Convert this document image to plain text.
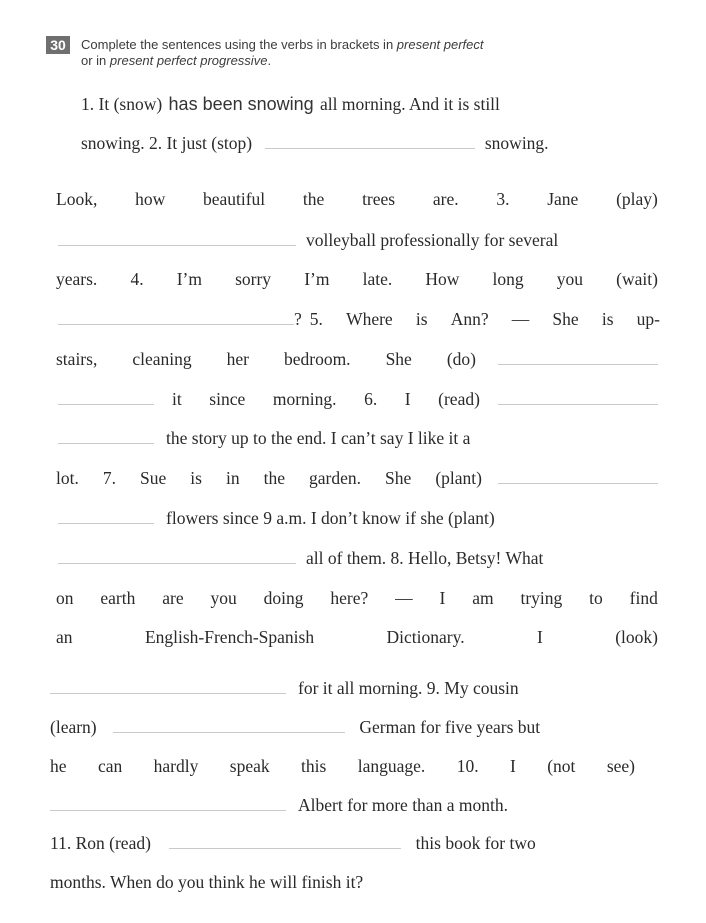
30	Complete the sentences using the verbs in brackets in present perfect
or in present perfect progressive.
1. It (snow) has been snowing all morning. And it is still
snowing. 2. It just (stop)	snowing.
Look, how beautiful the trees are. 3. Jane (play)
volleyball professionally for several
years. 4. I’m sorry I’m late. How long you (wait)
? 5. Where is Ann? — She is up-
stairs, cleaning her bedroom. She (do)
it since morning. 6. I (read)
the story up to the end. I can’t say I like it a
lot. 7. Sue is in the garden. She (plant)
flowers since 9 a.m. I don’t know if she (plant)
all of them. 8. Hello, Betsy! What
on earth are you doing here? — I am trying to find
an	English-French-Spanish	Dictionary.	I	(look)
for it all morning. 9. My cousin
(learn)	German for five years but
he can hardly speak this language. 10. I (not see)
Albert for more than a month.
11. Ron (read)	this book for two
months. When do you think he will finish it?
